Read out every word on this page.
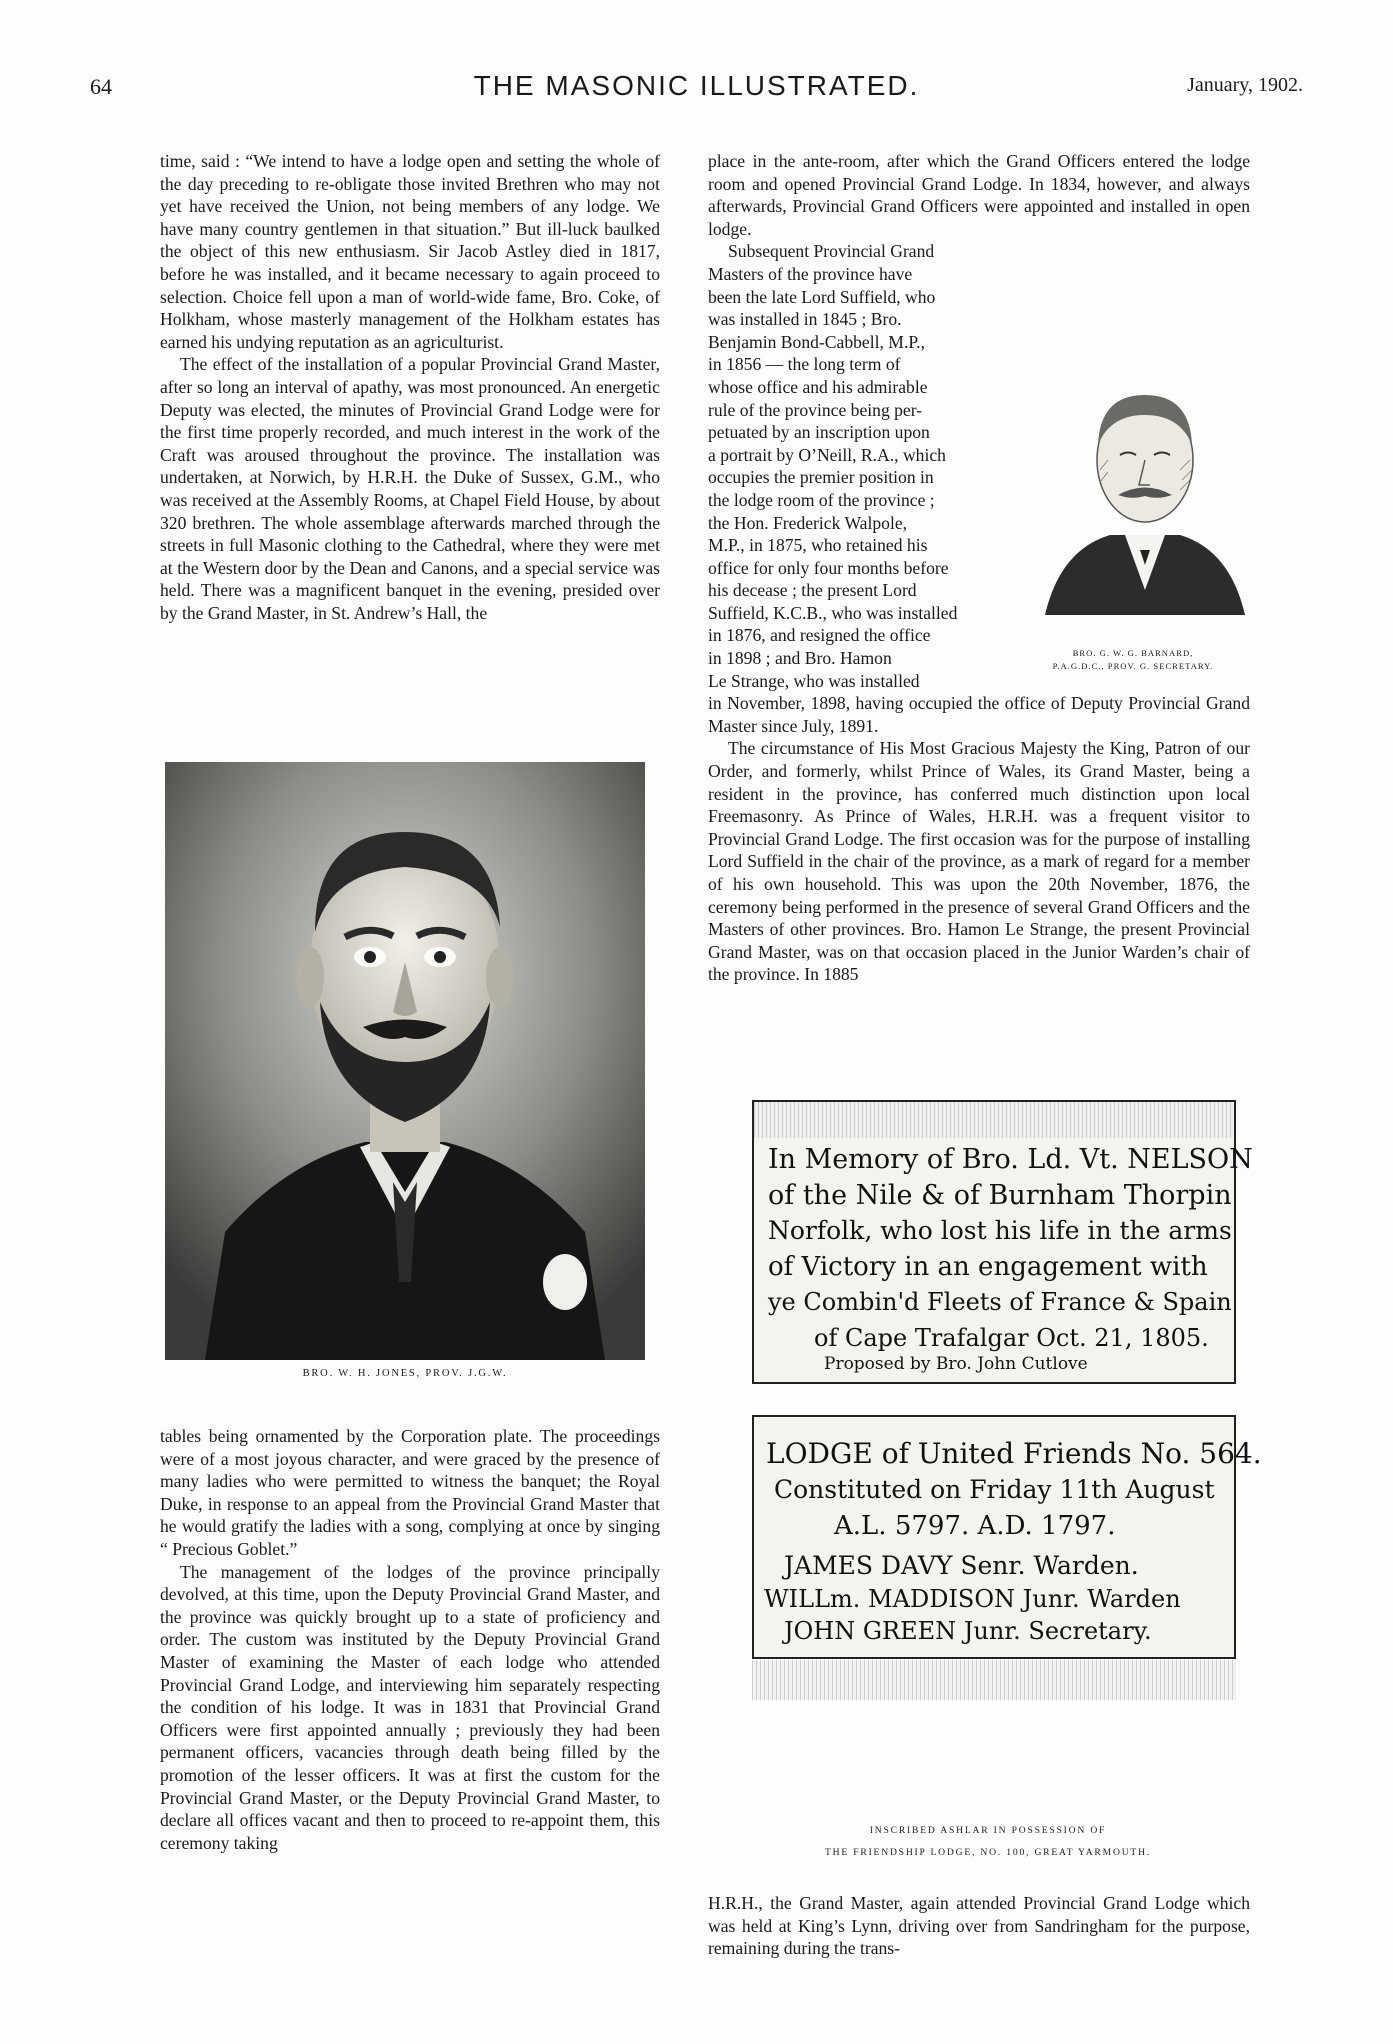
64	THE MASONIC ILLUSTRATED.	January, 1902.

time, said : “We intend to have a lodge open and setting the whole of the day preceding to re-obligate those invited Brethren who may not yet have received the Union, not being members of any lodge. We have many country gentlemen in that situation.” But ill-luck baulked the object of this new enthusiasm. Sir Jacob Astley died in 1817, before he was installed, and it became necessary to again proceed to selection. Choice fell upon a man of world-wide fame, Bro. Coke, of Holkham, whose masterly management of the Holkham estates has earned his undying reputation as an agriculturist.

The effect of the installation of a popular Provincial Grand Master, after so long an interval of apathy, was most pronounced. An energetic Deputy was elected, the minutes of Provincial Grand Lodge were for the first time properly recorded, and much interest in the work of the Craft was aroused throughout the province. The installation was undertaken, at Norwich, by H.R.H. the Duke of Sussex, G.M., who was received at the Assembly Rooms, at Chapel Field House, by about 320 brethren. The whole assemblage afterwards marched through the streets in full Masonic clothing to the Cathedral, where they were met at the Western door by the Dean and Canons, and a special service was held. There was a magnificent banquet in the evening, presided over by the Grand Master, in St. Andrew’s Hall, the

BRO. W. H. JONES, PROV. J.G.W.

tables being ornamented by the Corporation plate. The proceedings were of a most joyous character, and were graced by the presence of many ladies who were permitted to witness the banquet; the Royal Duke, in response to an appeal from the Provincial Grand Master that he would gratify the ladies with a song, complying at once by singing “ Precious Goblet.”

The management of the lodges of the province principally devolved, at this time, upon the Deputy Provincial Grand Master, and the province was quickly brought up to a state of proficiency and order. The custom was instituted by the Deputy Provincial Grand Master of examining the Master of each lodge who attended Provincial Grand Lodge, and interviewing him separately respecting the condition of his lodge. It was in 1831 that Provincial Grand Officers were first appointed annually ; previously they had been permanent officers, vacancies through death being filled by the promotion of the lesser officers. It was at first the custom for the Provincial Grand Master, or the Deputy Provincial Grand Master, to declare all offices vacant and then to proceed to re-appoint them, this ceremony taking

place in the ante-room, after which the Grand Officers entered the lodge room and opened Provincial Grand Lodge. In 1834, however, and always afterwards, Provincial Grand Officers were appointed and installed in open lodge.

Subsequent Provincial Grand
Masters of the province have
been the late Lord Suffield, who
was installed in 1845 ; Bro.
Benjamin Bond-Cabbell, M.P.,
in 1856 — the long term of
whose office and his admirable
rule of the province being per-
petuated by an inscription upon
a portrait by O’Neill, R.A., which
occupies the premier position in
the lodge room of the province ;
the Hon. Frederick Walpole,
M.P., in 1875, who retained his
office for only four months before
his decease ; the present Lord
Suffield, K.C.B., who was installed
in 1876, and resigned the office
in 1898 ; and Bro. Hamon
Le Strange, who was installed

in November, 1898, having occupied the office of Deputy Provincial Grand Master since July, 1891.

The circumstance of His Most Gracious Majesty the King, Patron of our Order, and formerly, whilst Prince of Wales, its Grand Master, being a resident in the province, has conferred much distinction upon local Freemasonry. As Prince of Wales, H.R.H. was a frequent visitor to Provincial Grand Lodge. The first occasion was for the purpose of installing Lord Suffield in the chair of the province, as a mark of regard for a member of his own household. This was upon the 20th November, 1876, the ceremony being performed in the presence of several Grand Officers and the Masters of other provinces. Bro. Hamon Le Strange, the present Provincial Grand Master, was on that occasion placed in the Junior Warden’s chair of the province. In 1885

BRO. G. W. G. BARNARD,
P.A.G.D.C., PROV. G. SECRETARY.
In Memory of Bro. Ld. Vt. NELSON
of the Nile & of Burnham Thorpin
Norfolk, who lost his life in the arms
of Victory in an engagement with
ye Combin'd Fleets of France & Spain
of Cape Trafalgar Oct. 21, 1805.
Proposed by Bro. John Cutlove
LODGE of United Friends No. 564.
Constituted on Friday 11th August
A.L. 5797. A.D. 1797.
JAMES DAVY Senr. Warden.
WILLm. MADDISON Junr. Warden
JOHN GREEN Junr. Secretary.
INSCRIBED ASHLAR IN POSSESSION OF
THE FRIENDSHIP LODGE, NO. 100, GREAT YARMOUTH.

H.R.H., the Grand Master, again attended Provincial Grand Lodge which was held at King’s Lynn, driving over from Sandringham for the purpose, remaining during the trans-
